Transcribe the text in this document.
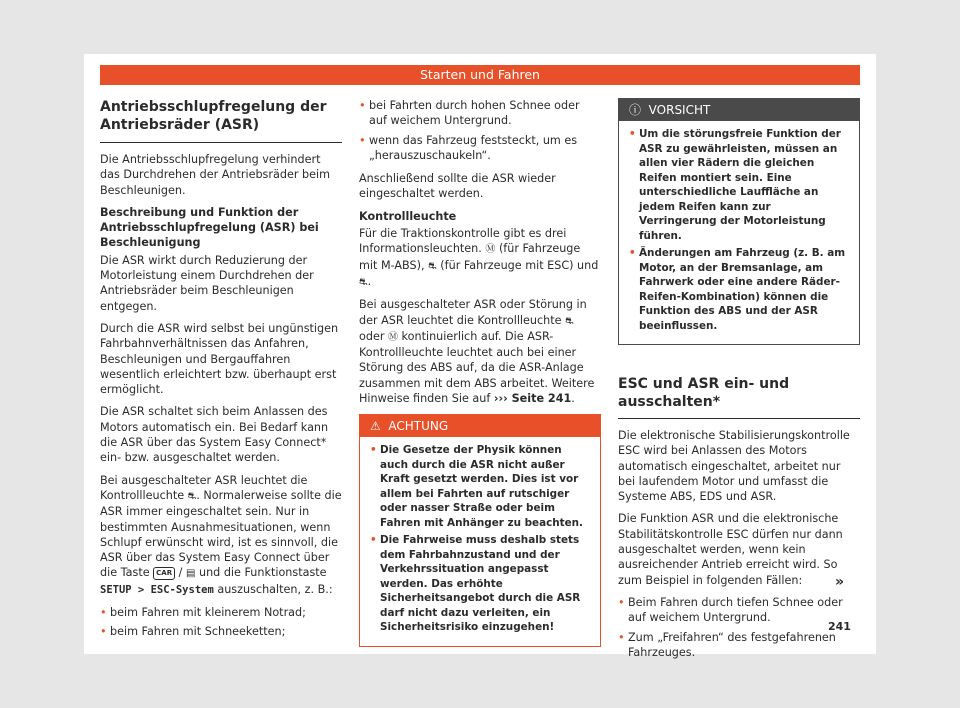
Starten und Fahren
Antriebsschlupfregelung der Antriebsräder (ASR)

Die Antriebsschlupfregelung verhindert das Durchdrehen der Antriebsräder beim Beschleunigen.

Beschreibung und Funktion der Antriebsschlupfregelung (ASR) bei Beschleunigung

Die ASR wirkt durch Reduzierung der Motorleistung einem Durchdrehen der Antriebsräder beim Beschleunigen entgegen.

Durch die ASR wird selbst bei ungünstigen Fahrbahnverhältnissen das Anfahren, Beschleunigen und Bergauffahren wesentlich erleichtert bzw. überhaupt erst ermöglicht.

Die ASR schaltet sich beim Anlassen des Motors automatisch ein. Bei Bedarf kann die ASR über das System Easy Connect* ein- bzw. ausgeschaltet werden.

Bei ausgeschalteter ASR leuchtet die Kontrollleuchte ⛐. Normalerweise sollte die ASR immer eingeschaltet sein. Nur in bestimmten Ausnahmesituationen, wenn Schlupf erwünscht wird, ist es sinnvoll, die ASR über das System Easy Connect über die Taste CAR / ▤ und die Funktionstaste SETUP > ESC-System auszuschalten, z. B.:

• beim Fahren mit kleinerem Notrad;
• beim Fahren mit Schneeketten;
• bei Fahrten durch hohen Schnee oder auf weichem Untergrund.
• wenn das Fahrzeug feststeckt, um es „herauszuschaukeln“.

Anschließend sollte die ASR wieder eingeschaltet werden.

Kontrollleuchte

Für die Traktionskontrolle gibt es drei Informationsleuchten. Ⓜ (für Fahrzeuge mit M-ABS), ⛐ (für Fahrzeuge mit ESC) und ⛐.

Bei ausgeschalteter ASR oder Störung in der ASR leuchtet die Kontrollleuchte ⛐ oder Ⓜ kontinuierlich auf. Die ASR-Kontrollleuchte leuchtet auch bei einer Störung des ABS auf, da die ASR-Anlage zusammen mit dem ABS arbeitet. Weitere Hinweise finden Sie auf ››› Seite 241.

⚠ ACHTUNG
• Die Gesetze der Physik können auch durch die ASR nicht außer Kraft gesetzt werden. Dies ist vor allem bei Fahrten auf rutschiger oder nasser Straße oder beim Fahren mit Anhänger zu beachten.
• Die Fahrweise muss deshalb stets dem Fahrbahnzustand und der Verkehrssituation angepasst werden. Das erhöhte Sicherheitsangebot durch die ASR darf nicht dazu verleiten, ein Sicherheitsrisiko einzugehen!
ⓘ VORSICHT
• Um die störungsfreie Funktion der ASR zu gewährleisten, müssen an allen vier Rädern die gleichen Reifen montiert sein. Eine unterschiedliche Lauffläche an jedem Reifen kann zur Verringerung der Motorleistung führen.
• Änderungen am Fahrzeug (z. B. am Motor, an der Bremsanlage, am Fahrwerk oder eine andere Räder-Reifen-Kombination) können die Funktion des ABS und der ASR beeinflussen.
ESC und ASR ein- und ausschalten*

Die elektronische Stabilisierungskontrolle ESC wird bei Anlassen des Motors automatisch eingeschaltet, arbeitet nur bei laufendem Motor und umfasst die Systeme ABS, EDS und ASR.

Die Funktion ASR und die elektronische Stabilitätskontrolle ESC dürfen nur dann ausgeschaltet werden, wenn kein ausreichender Antrieb erreicht wird. So zum Beispiel in folgenden Fällen:

• Beim Fahren durch tiefen Schnee oder auf weichem Untergrund.
• Zum „Freifahren“ des festgefahrenen Fahrzeuges.
»
241
